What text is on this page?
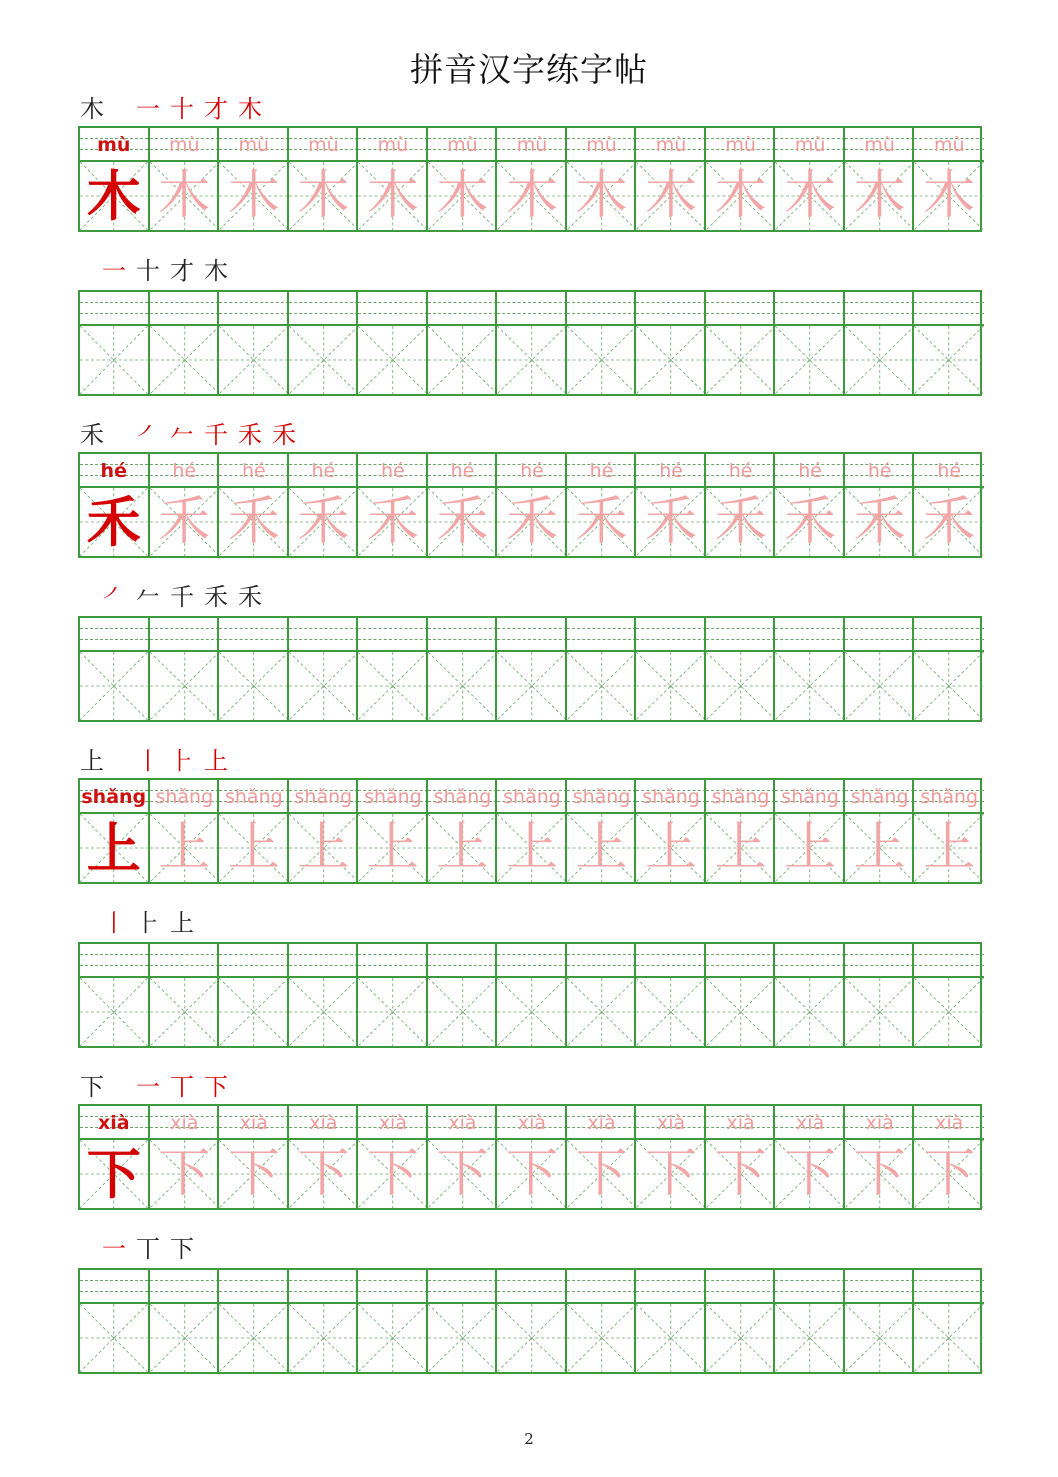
拼音汉字练字帖
木 一 十 才 木
mù
木
mù
木
mù
木
mù
木
mù
木
mù
木
mù
木
mù
木
mù
木
mù
木
mù
木
mù
木
mù
木
一 十 才 木
禾 ㇒ 𠂉 千 禾 禾
hé
禾
hé
禾
hé
禾
hé
禾
hé
禾
hé
禾
hé
禾
hé
禾
hé
禾
hé
禾
hé
禾
hé
禾
hé
禾
㇒ 𠂉 千 禾 禾
上 丨 ⺊ 上
shǎng
上
shǎng
上
shǎng
上
shǎng
上
shǎng
上
shǎng
上
shǎng
上
shǎng
上
shǎng
上
shǎng
上
shǎng
上
shǎng
上
shǎng
上
丨 ⺊ 上
下 一 丅 下
xià
下
xià
下
xià
下
xià
下
xià
下
xià
下
xià
下
xià
下
xià
下
xià
下
xià
下
xià
下
xià
下
一 丅 下
2
